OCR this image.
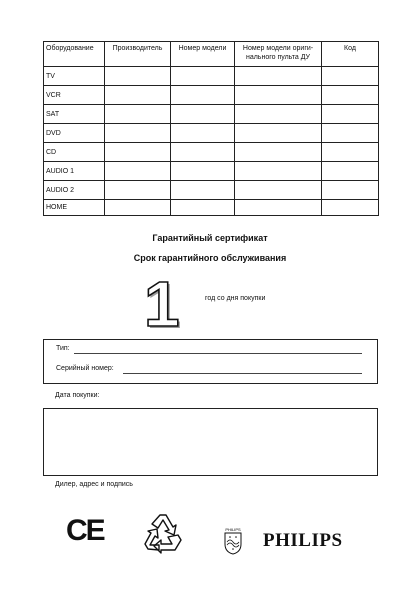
Оборудование	Производитель	Номер модели	Номер модели ориги-нального пульта ДУ	Код
TV				
VCR				
SAT				
DVD				
CD				
AUDIO 1				
AUDIO 2				
HOME				
Гарантийный сертификат
Срок гарантийного обслуживания
1	год со дня покупки
Тип:
Серийный номер:
Дата покупки:
Дилер, адрес и подпись
CE	PHILIPS
PHILIPS
